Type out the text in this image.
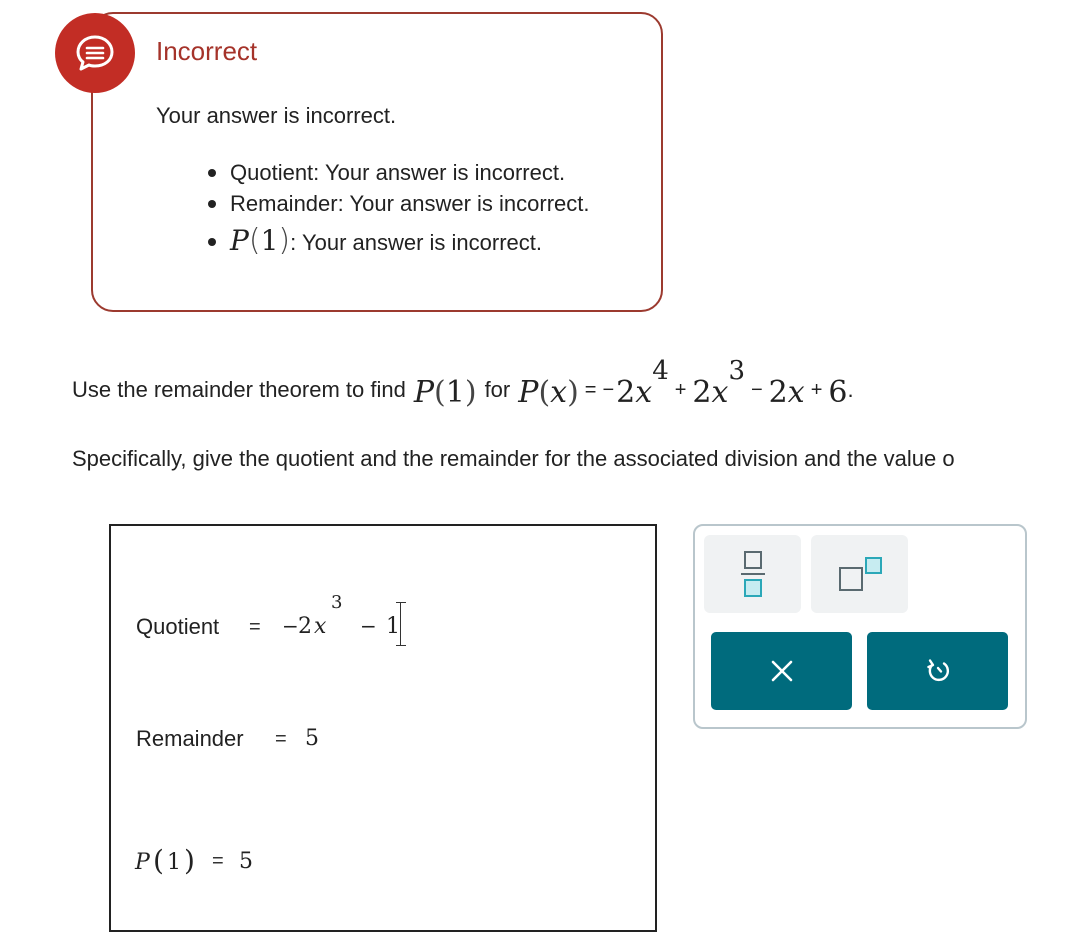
Incorrect
Your answer is incorrect.
Quotient: Your answer is incorrect.
Remainder: Your answer is incorrect.
P(1): Your answer is incorrect.
Use the remainder theorem to find P ( 1 ) for P ( x ) = − 2 x
4
+ 2 x
3
− 2 x + 6 .
Specifically, give the quotient and the remainder for the associated division and the value o
Quotient = − 2 x
3
− 1
Remainder = 5
P ( 1 ) = 5
